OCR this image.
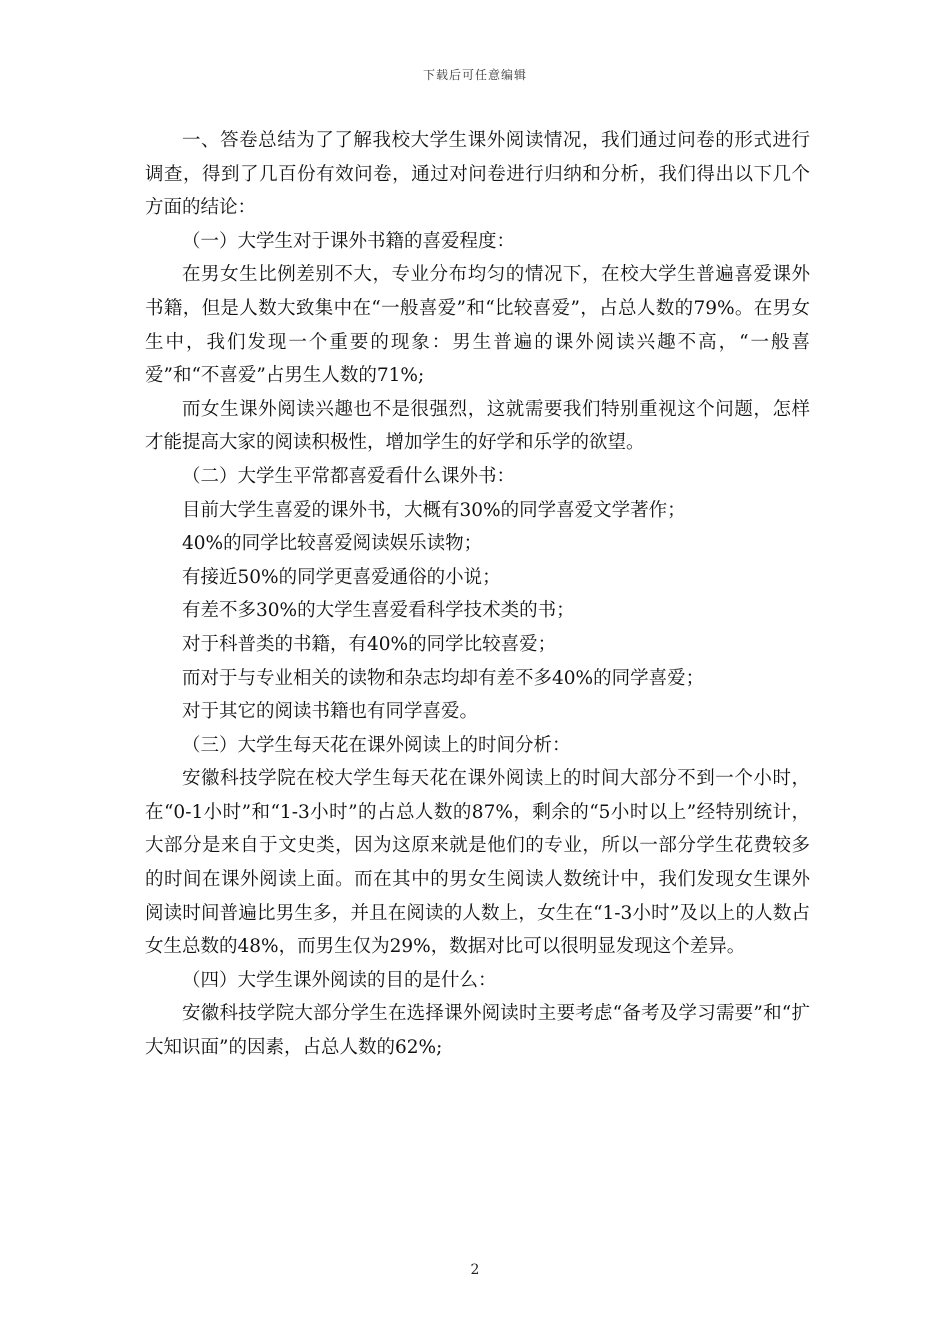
下载后可任意编辑

一、答卷总结为了了解我校大学生课外阅读情况，我们通过问卷的形式进行调查，得到了几百份有效问卷，通过对问卷进行归纳和分析，我们得出以下几个方面的结论：

（一）大学生对于课外书籍的喜爱程度：

在男女生比例差别不大，专业分布均匀的情况下，在校大学生普遍喜爱课外书籍，但是人数大致集中在“一般喜爱”和“比较喜爱”，占总人数的79%。在男女生中，我们发现一个重要的现象：男生普遍的课外阅读兴趣不高，“一般喜爱”和“不喜爱”占男生人数的71%;

而女生课外阅读兴趣也不是很强烈，这就需要我们特别重视这个问题，怎样才能提高大家的阅读积极性，增加学生的好学和乐学的欲望。

（二）大学生平常都喜爱看什么课外书：

目前大学生喜爱的课外书，大概有30%的同学喜爱文学著作；

40%的同学比较喜爱阅读娱乐读物；

有接近50%的同学更喜爱通俗的小说；

有差不多30%的大学生喜爱看科学技术类的书；

对于科普类的书籍，有40%的同学比较喜爱；

而对于与专业相关的读物和杂志均却有差不多40%的同学喜爱；

对于其它的阅读书籍也有同学喜爱。

（三）大学生每天花在课外阅读上的时间分析：

安徽科技学院在校大学生每天花在课外阅读上的时间大部分不到一个小时，在“0-1小时”和“1-3小时”的占总人数的87%，剩余的“5小时以上”经特别统计，大部分是来自于文史类，因为这原来就是他们的专业，所以一部分学生花费较多的时间在课外阅读上面。而在其中的男女生阅读人数统计中，我们发现女生课外阅读时间普遍比男生多，并且在阅读的人数上，女生在“1-3小时”及以上的人数占女生总数的48%，而男生仅为29%，数据对比可以很明显发现这个差异。

（四）大学生课外阅读的目的是什么：

安徽科技学院大部分学生在选择课外阅读时主要考虑“备考及学习需要”和“扩大知识面”的因素，占总人数的62%;

2
